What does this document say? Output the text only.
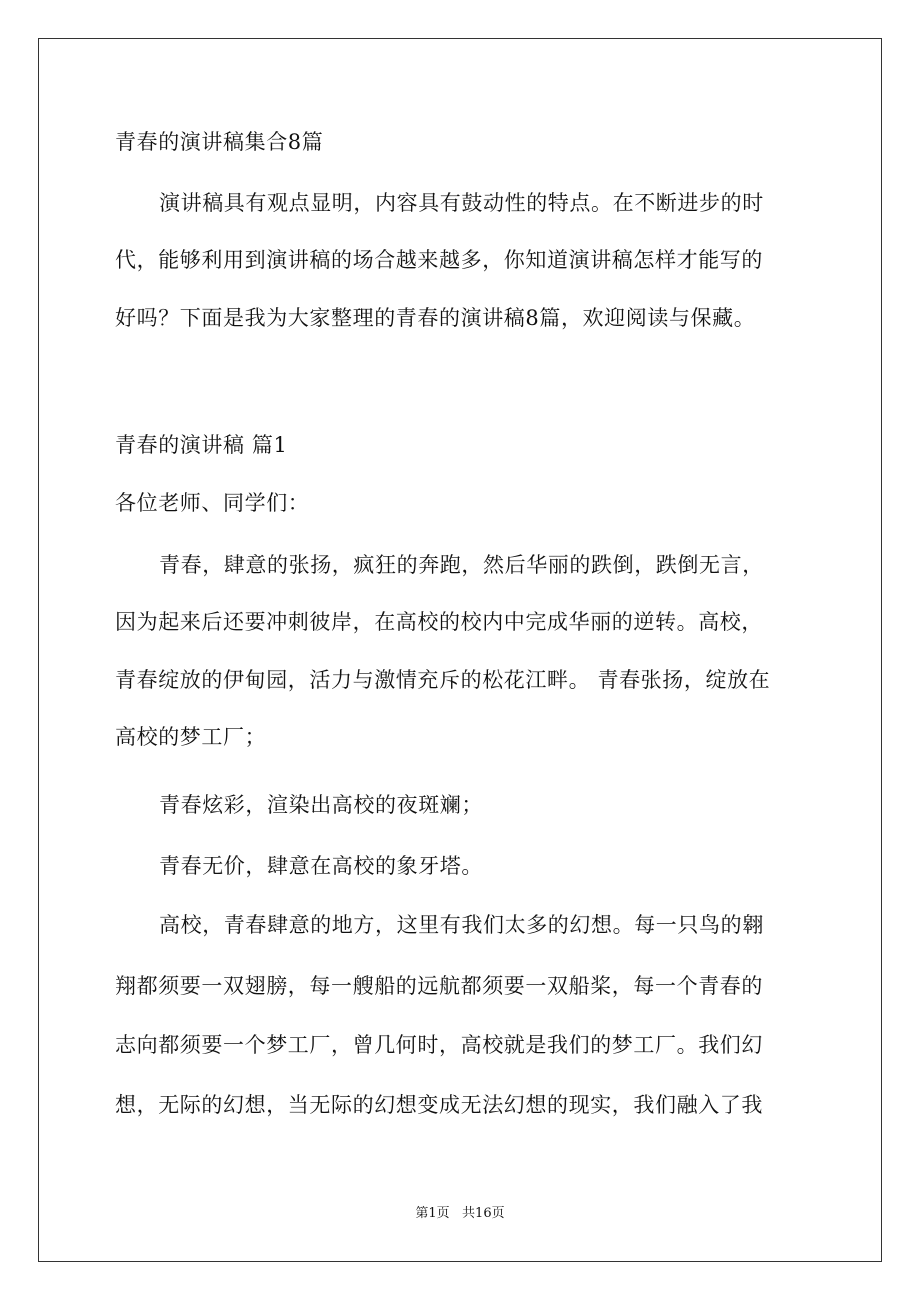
青春的演讲稿集合8篇
演讲稿具有观点显明，内容具有鼓动性的特点。在不断进步的时
代，能够利用到演讲稿的场合越来越多，你知道演讲稿怎样才能写的
好吗？下面是我为大家整理的青春的演讲稿8篇，欢迎阅读与保藏。
青春的演讲稿 篇1
各位老师、同学们：
青春，肆意的张扬，疯狂的奔跑，然后华丽的跌倒，跌倒无言，
因为起来后还要冲刺彼岸，在高校的校内中完成华丽的逆转。高校，
青春绽放的伊甸园，活力与激情充斥的松花江畔。 青春张扬，绽放在
高校的梦工厂；
青春炫彩，渲染出高校的夜斑斓；
青春无价，肆意在高校的象牙塔。
高校，青春肆意的地方，这里有我们太多的幻想。每一只鸟的翱
翔都须要一双翅膀，每一艘船的远航都须要一双船桨，每一个青春的
志向都须要一个梦工厂，曾几何时，高校就是我们的梦工厂。我们幻
想，无际的幻想，当无际的幻想变成无法幻想的现实，我们融入了我
第1页   共16页
